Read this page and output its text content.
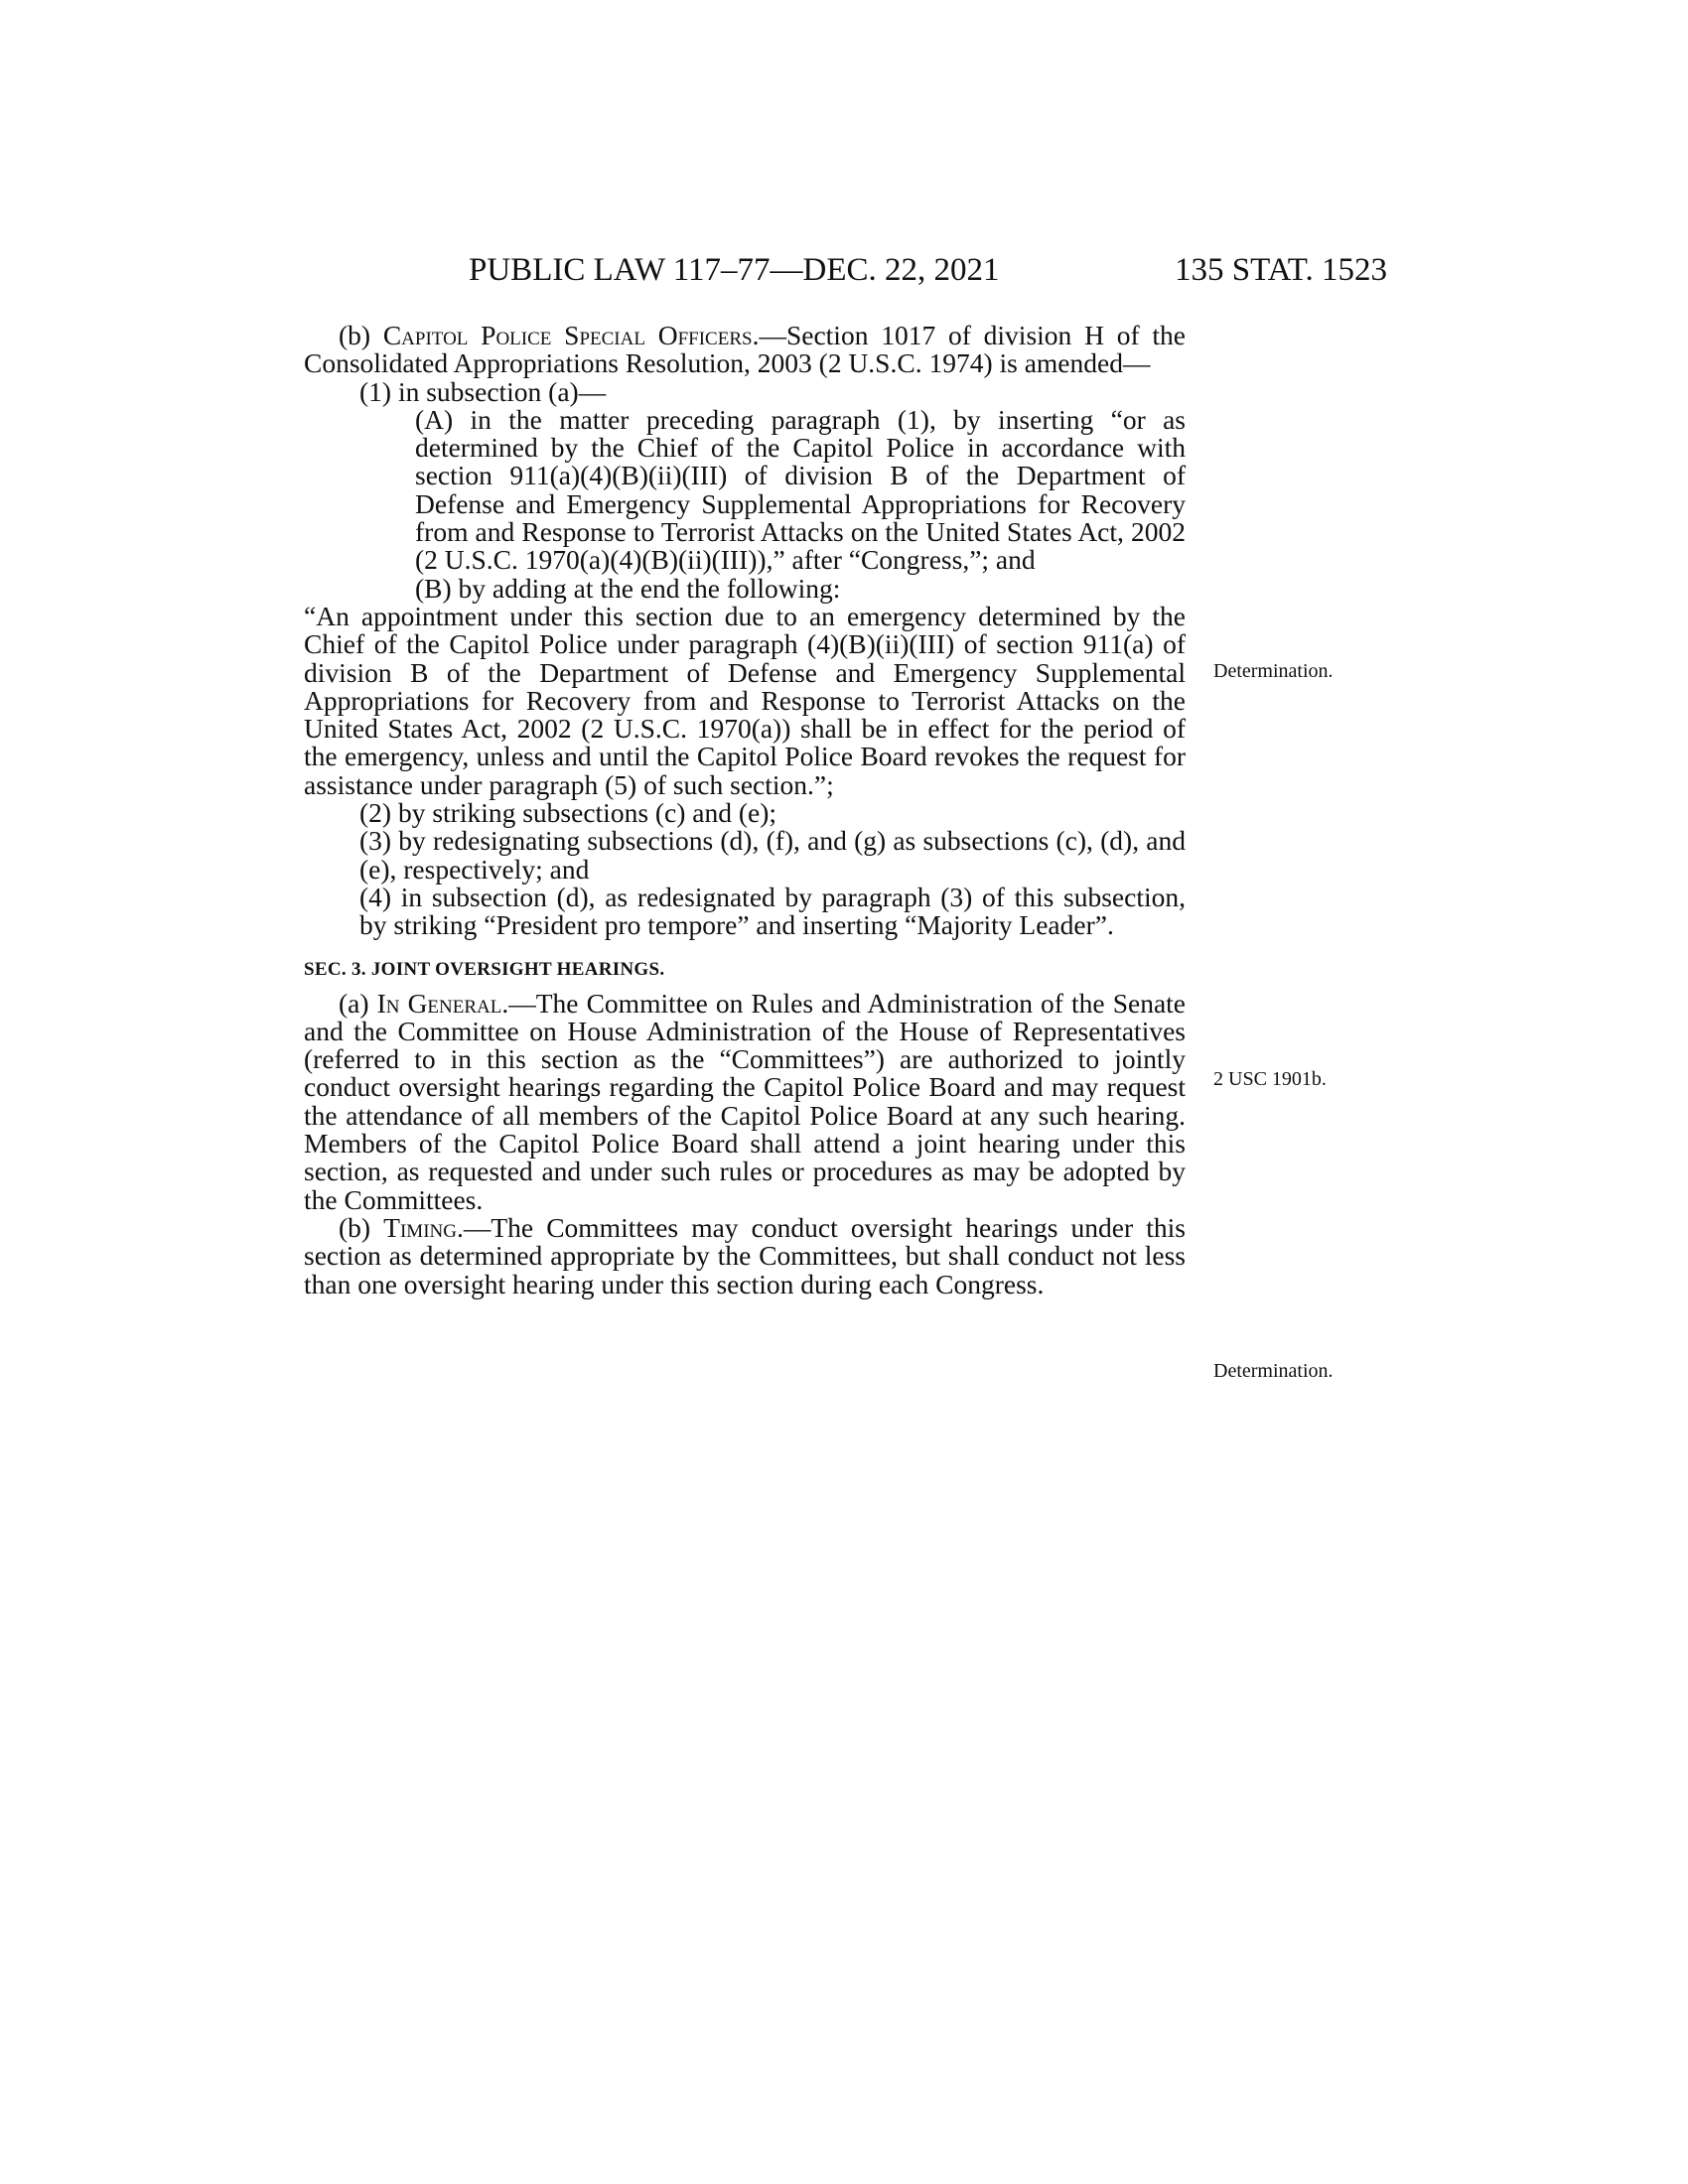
PUBLIC LAW 117–77—DEC. 22, 2021	135 STAT. 1523

(b) Capitol Police Special Officers.—Section 1017 of division H of the Consolidated Appropriations Resolution, 2003 (2 U.S.C. 1974) is amended—

(1) in subsection (a)—

(A) in the matter preceding paragraph (1), by inserting “or as determined by the Chief of the Capitol Police in accordance with section 911(a)(4)(B)(ii)(III) of division B of the Department of Defense and Emergency Supplemental Appropriations for Recovery from and Response to Terrorist Attacks on the United States Act, 2002 (2 U.S.C. 1970(a)(4)(B)(ii)(III)),” after “Congress,”; and

(B) by adding at the end the following:

“An appointment under this section due to an emergency determined by the Chief of the Capitol Police under paragraph (4)(B)(ii)(III) of section 911(a) of division B of the Department of Defense and Emergency Supplemental Appropriations for Recovery from and Response to Terrorist Attacks on the United States Act, 2002 (2 U.S.C. 1970(a)) shall be in effect for the period of the emergency, unless and until the Capitol Police Board revokes the request for assistance under paragraph (5) of such section.”;

(2) by striking subsections (c) and (e);

(3) by redesignating subsections (d), (f), and (g) as subsections (c), (d), and (e), respectively; and

(4) in subsection (d), as redesignated by paragraph (3) of this subsection, by striking “President pro tempore” and inserting “Majority Leader”.

SEC. 3. JOINT OVERSIGHT HEARINGS.

(a) In General.—The Committee on Rules and Administration of the Senate and the Committee on House Administration of the House of Representatives (referred to in this section as the “Committees”) are authorized to jointly conduct oversight hearings regarding the Capitol Police Board and may request the attendance of all members of the Capitol Police Board at any such hearing. Members of the Capitol Police Board shall attend a joint hearing under this section, as requested and under such rules or procedures as may be adopted by the Committees.

(b) Timing.—The Committees may conduct oversight hearings under this section as determined appropriate by the Committees, but shall conduct not less than one oversight hearing under this section during each Congress.

Determination.
2 USC 1901b.
Determination.
